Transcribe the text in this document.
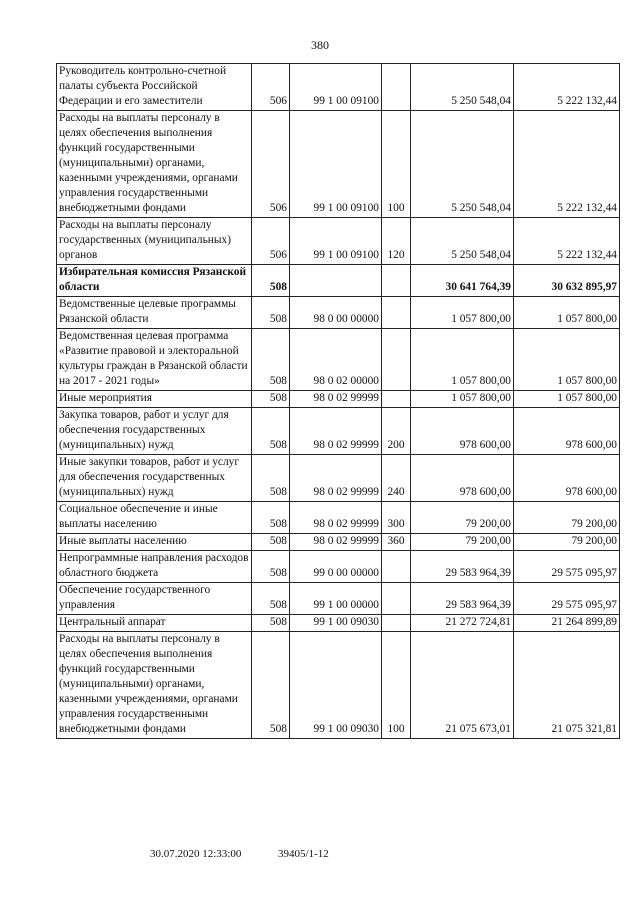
380
Руководитель контрольно-счетной палаты субъекта Российской Федерации и его заместители	506	99 1 00 09100		5 250 548,04	5 222 132,44
Расходы на выплаты персоналу в целях обеспечения выполнения функций государственными (муниципальными) органами, казенными учреждениями, органами управления государственными внебюджетными фондами	506	99 1 00 09100	100	5 250 548,04	5 222 132,44
Расходы на выплаты персоналу государственных (муниципальных) органов	506	99 1 00 09100	120	5 250 548,04	5 222 132,44
Избирательная комиссия Рязанской области	508			30 641 764,39	30 632 895,97
Ведомственные целевые программы Рязанской области	508	98 0 00 00000		1 057 800,00	1 057 800,00
Ведомственная целевая программа «Развитие правовой и электоральной культуры граждан в Рязанской области на 2017 - 2021 годы»	508	98 0 02 00000		1 057 800,00	1 057 800,00
Иные мероприятия	508	98 0 02 99999		1 057 800,00	1 057 800,00
Закупка товаров, работ и услуг для обеспечения государственных (муниципальных) нужд	508	98 0 02 99999	200	978 600,00	978 600,00
Иные закупки товаров, работ и услуг для обеспечения государственных (муниципальных) нужд	508	98 0 02 99999	240	978 600,00	978 600,00
Социальное обеспечение и иные выплаты населению	508	98 0 02 99999	300	79 200,00	79 200,00
Иные выплаты населению	508	98 0 02 99999	360	79 200,00	79 200,00
Непрограммные направления расходов областного бюджета	508	99 0 00 00000		29 583 964,39	29 575 095,97
Обеспечение государственного управления	508	99 1 00 00000		29 583 964,39	29 575 095,97
Центральный аппарат	508	99 1 00 09030		21 272 724,81	21 264 899,89
Расходы на выплаты персоналу в целях обеспечения выполнения функций государственными (муниципальными) органами, казенными учреждениями, органами управления государственными внебюджетными фондами	508	99 1 00 09030	100	21 075 673,01	21 075 321,81
30.07.2020 12:33:00	39405/1-12
